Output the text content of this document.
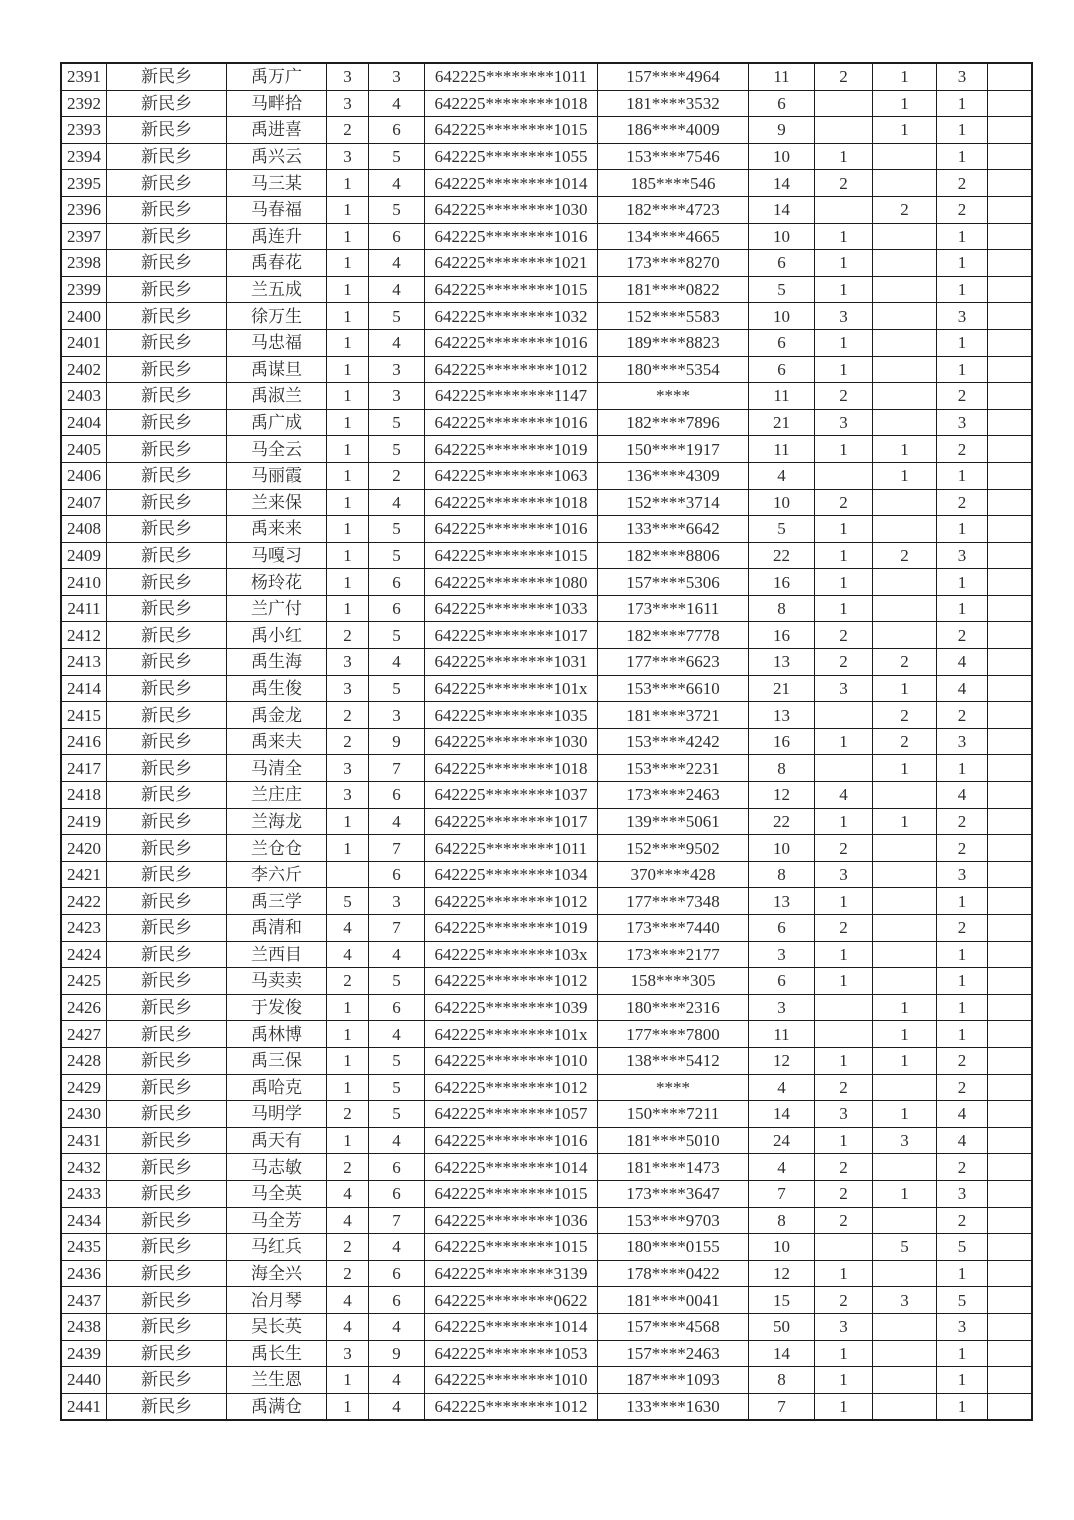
2391	新民乡	禹万广	3	3	642225********1011	157****4964	11	2	1	3	
2392	新民乡	马畔拾	3	4	642225********1018	181****3532	6		1	1	
2393	新民乡	禹进喜	2	6	642225********1015	186****4009	9		1	1	
2394	新民乡	禹兴云	3	5	642225********1055	153****7546	10	1		1	
2395	新民乡	马三某	1	4	642225********1014	185****546	14	2		2	
2396	新民乡	马春福	1	5	642225********1030	182****4723	14		2	2	
2397	新民乡	禹连升	1	6	642225********1016	134****4665	10	1		1	
2398	新民乡	禹春花	1	4	642225********1021	173****8270	6	1		1	
2399	新民乡	兰五成	1	4	642225********1015	181****0822	5	1		1	
2400	新民乡	徐万生	1	5	642225********1032	152****5583	10	3		3	
2401	新民乡	马忠福	1	4	642225********1016	189****8823	6	1		1	
2402	新民乡	禹谋旦	1	3	642225********1012	180****5354	6	1		1	
2403	新民乡	禹淑兰	1	3	642225********1147	****	11	2		2	
2404	新民乡	禹广成	1	5	642225********1016	182****7896	21	3		3	
2405	新民乡	马全云	1	5	642225********1019	150****1917	11	1	1	2	
2406	新民乡	马丽霞	1	2	642225********1063	136****4309	4		1	1	
2407	新民乡	兰来保	1	4	642225********1018	152****3714	10	2		2	
2408	新民乡	禹来来	1	5	642225********1016	133****6642	5	1		1	
2409	新民乡	马嘎习	1	5	642225********1015	182****8806	22	1	2	3	
2410	新民乡	杨玲花	1	6	642225********1080	157****5306	16	1		1	
2411	新民乡	兰广付	1	6	642225********1033	173****1611	8	1		1	
2412	新民乡	禹小红	2	5	642225********1017	182****7778	16	2		2	
2413	新民乡	禹生海	3	4	642225********1031	177****6623	13	2	2	4	
2414	新民乡	禹生俊	3	5	642225********101x	153****6610	21	3	1	4	
2415	新民乡	禹金龙	2	3	642225********1035	181****3721	13		2	2	
2416	新民乡	禹来夫	2	9	642225********1030	153****4242	16	1	2	3	
2417	新民乡	马清全	3	7	642225********1018	153****2231	8		1	1	
2418	新民乡	兰庄庄	3	6	642225********1037	173****2463	12	4		4	
2419	新民乡	兰海龙	1	4	642225********1017	139****5061	22	1	1	2	
2420	新民乡	兰仓仓	1	7	642225********1011	152****9502	10	2		2	
2421	新民乡	李六斤		6	642225********1034	370****428	8	3		3	
2422	新民乡	禹三学	5	3	642225********1012	177****7348	13	1		1	
2423	新民乡	禹清和	4	7	642225********1019	173****7440	6	2		2	
2424	新民乡	兰西目	4	4	642225********103x	173****2177	3	1		1	
2425	新民乡	马卖卖	2	5	642225********1012	158****305	6	1		1	
2426	新民乡	于发俊	1	6	642225********1039	180****2316	3		1	1	
2427	新民乡	禹林博	1	4	642225********101x	177****7800	11		1	1	
2428	新民乡	禹三保	1	5	642225********1010	138****5412	12	1	1	2	
2429	新民乡	禹哈克	1	5	642225********1012	****	4	2		2	
2430	新民乡	马明学	2	5	642225********1057	150****7211	14	3	1	4	
2431	新民乡	禹天有	1	4	642225********1016	181****5010	24	1	3	4	
2432	新民乡	马志敏	2	6	642225********1014	181****1473	4	2		2	
2433	新民乡	马全英	4	6	642225********1015	173****3647	7	2	1	3	
2434	新民乡	马全芳	4	7	642225********1036	153****9703	8	2		2	
2435	新民乡	马红兵	2	4	642225********1015	180****0155	10		5	5	
2436	新民乡	海全兴	2	6	642225********3139	178****0422	12	1		1	
2437	新民乡	冶月琴	4	6	642225********0622	181****0041	15	2	3	5	
2438	新民乡	吴长英	4	4	642225********1014	157****4568	50	3		3	
2439	新民乡	禹长生	3	9	642225********1053	157****2463	14	1		1	
2440	新民乡	兰生恩	1	4	642225********1010	187****1093	8	1		1	
2441	新民乡	禹满仓	1	4	642225********1012	133****1630	7	1		1	
